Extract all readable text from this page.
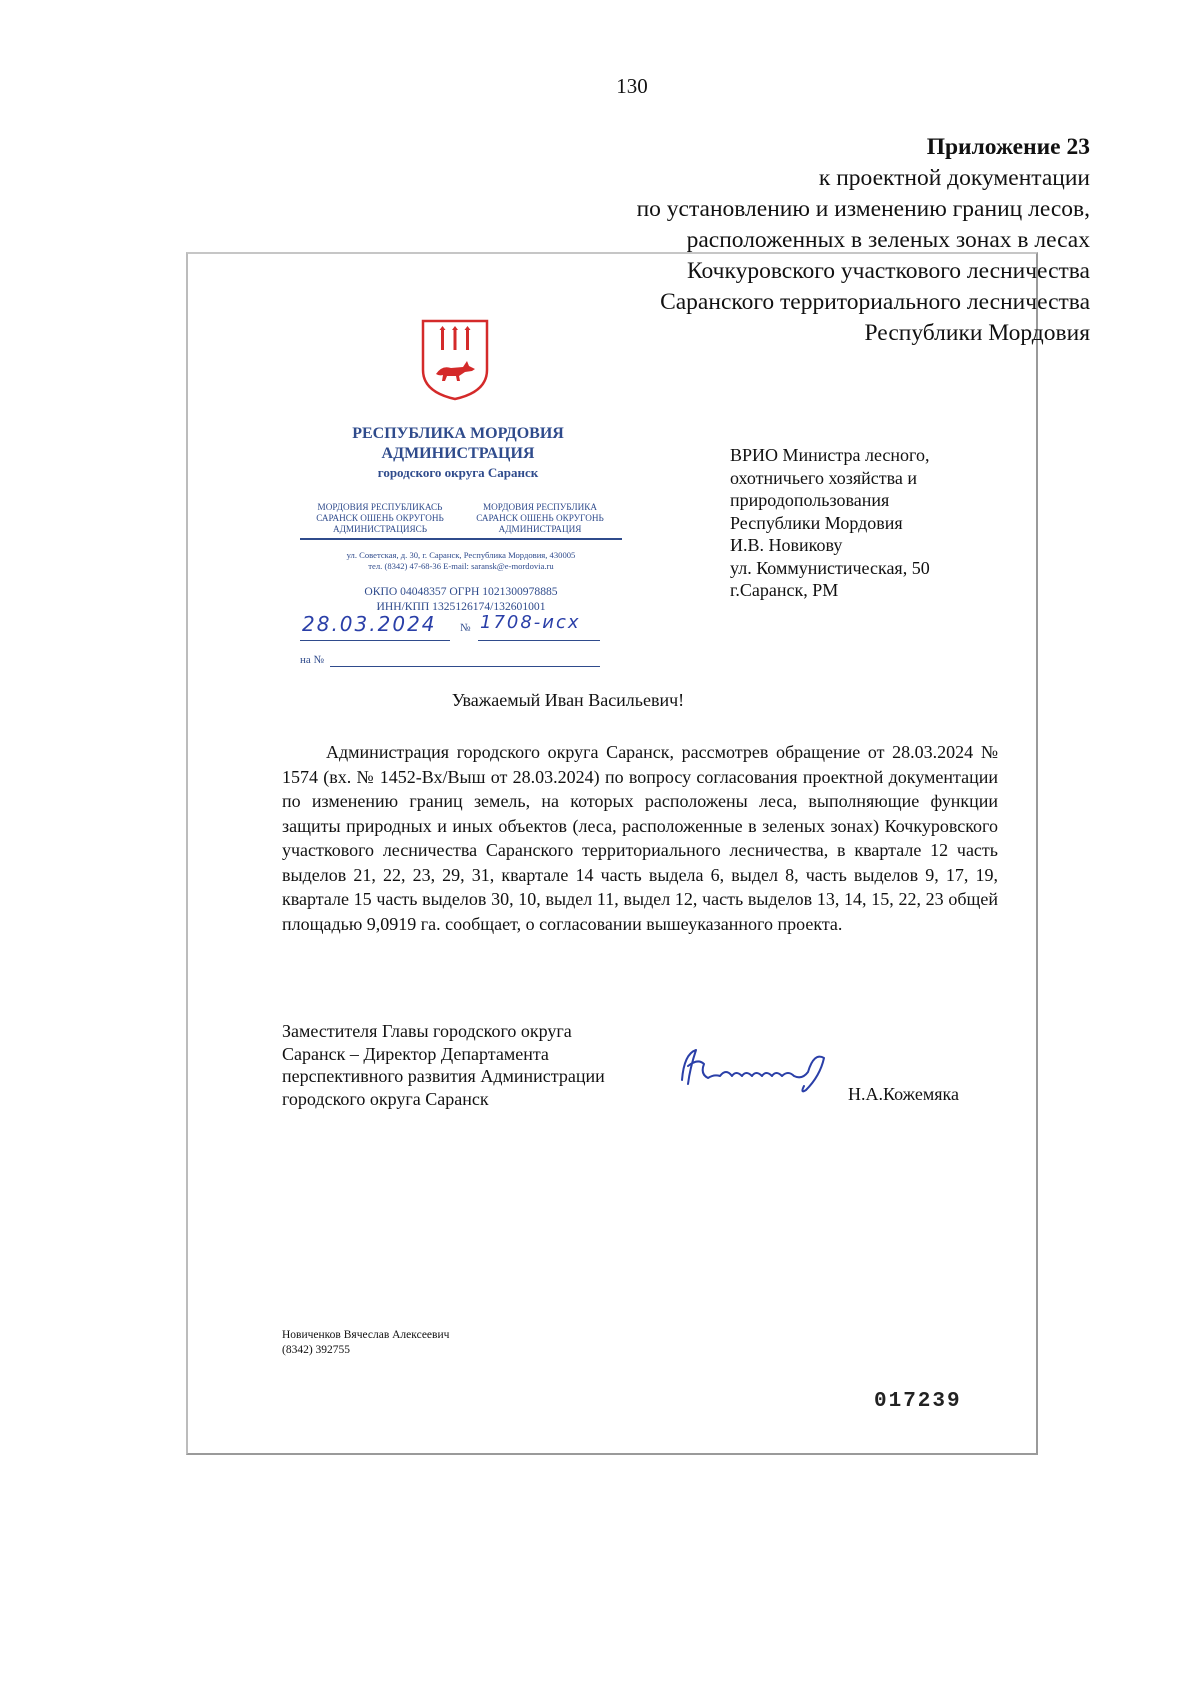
130
Приложение 23
к проектной документации
по установлению и изменению границ лесов,
расположенных в зеленых зонах в лесах
Кочкуровского участкового лесничества
Саранского территориального лесничества
Республики Мордовия
РЕСПУБЛИКА МОРДОВИЯ
АДМИНИСТРАЦИЯ
городского округа Саранск
МОРДОВИЯ РЕСПУБЛИКАСЬ
САРАНСК ОШЕНЬ ОКРУГОНЬ
АДМИНИСТРАЦИЯСЬ
МОРДОВИЯ РЕСПУБЛИКА
САРАНСК ОШЕНЬ ОКРУГОНЬ
АДМИНИСТРАЦИЯ
ул. Советская, д. 30, г. Саранск, Республика Мордовия, 430005
тел. (8342) 47-68-36 E-mail: saransk@e-mordovia.ru
ОКПО 04048357 ОГРН 1021300978885
ИНН/КПП 1325126174/132601001
28.03.2024	№ 1708-исх
на №
ВРИО Министра лесного,
охотничьего хозяйства и
природопользования
Республики Мордовия
И.В. Новикову
ул. Коммунистическая, 50
г.Саранск, РМ
Уважаемый Иван Васильевич!

Администрация городского округа Саранск, рассмотрев обращение от 28.03.2024 № 1574 (вх. № 1452-Вх/Выш от 28.03.2024) по вопросу согласования проектной документации по изменению границ земель, на которых расположены леса, выполняющие функции защиты природных и иных объектов (леса, расположенные в зеленых зонах) Кочкуровского участкового лесничества Саранского территориального лесничества, в квартале 12 часть выделов 21, 22, 23, 29, 31, квартале 14 часть выдела 6, выдел 8, часть выделов 9, 17, 19, квартале 15 часть выделов 30, 10, выдел 11, выдел 12, часть выделов 13, 14, 15, 22, 23 общей площадью 9,0919 га. сообщает, о согласовании вышеуказанного проекта.

Заместителя Главы городского округа
Саранск – Директор Департамента
перспективного развития Администрации
городского округа Саранск	Н.А.Кожемяка
Новиченков Вячеслав Алексеевич
(8342) 392755
017239
